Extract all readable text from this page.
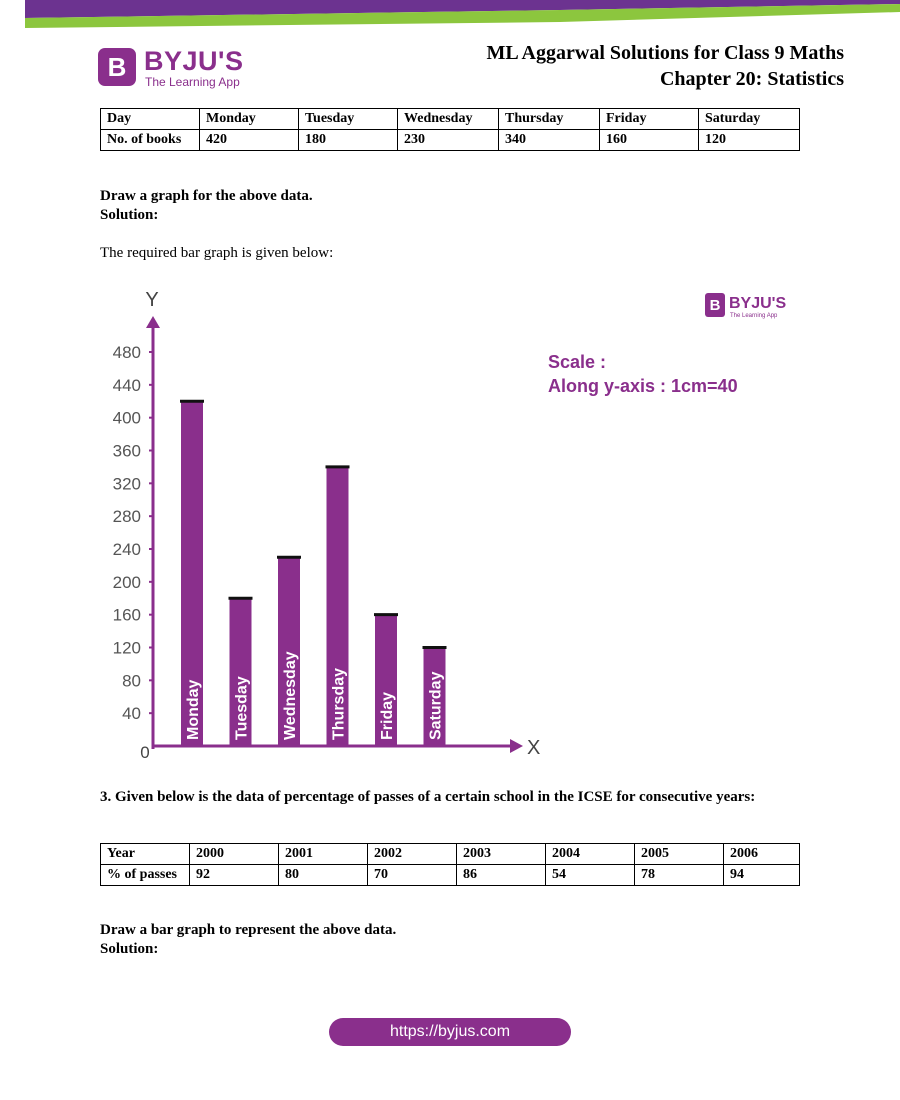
B BYJU'S
The Learning App
ML Aggarwal Solutions for Class 9 Maths
Chapter 20: Statistics
Day	Monday	Tuesday	Wednesday	Thursday	Friday	Saturday
No. of books	420	180	230	340	160	120
Draw a graph for the above data.
Solution:
The required bar graph is given below:
Y
X
0
40
80
120
160
200
240
280
320
360
400
440
480
Monday Tuesday Wednesday Thursday Friday Saturday
Scale :
Along y-axis : 1cm=40
B BYJU'S
The Learning App
3. Given below is the data of percentage of passes of a certain school in the ICSE for consecutive years:
Year	2000	2001	2002	2003	2004	2005	2006
% of passes	92	80	70	86	54	78	94
Draw a bar graph to represent the above data.
Solution:
https://byjus.com
